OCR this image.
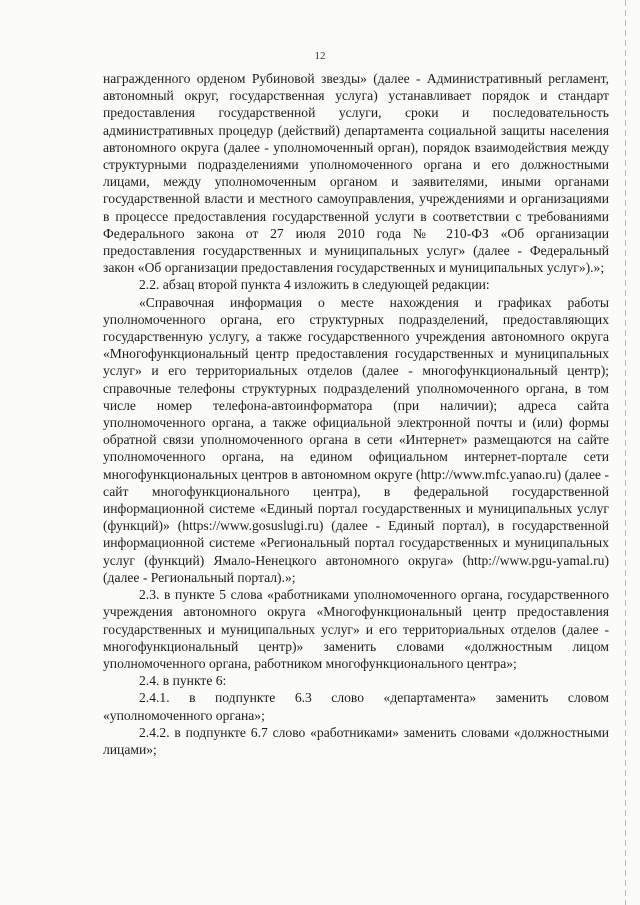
12

награжденного орденом Рубиновой звезды» (далее - Административный регламент, автономный округ, государственная услуга) устанавливает порядок и стандарт предоставления государственной услуги, сроки и последовательность административных процедур (действий) департамента социальной защиты населения автономного округа (далее - уполномоченный орган), порядок взаимодействия между структурными подразделениями уполномоченного органа и его должностными лицами, между уполномоченным органом и заявителями, иными органами государственной власти и местного самоуправления, учреждениями и организациями в процессе предоставления государственной услуги в соответствии с требованиями Федерального закона от 27 июля 2010 года № 210-ФЗ «Об организации предоставления государственных и муниципальных услуг» (далее - Федеральный закон «Об организации предоставления государственных и муниципальных услуг»).»;

2.2. абзац второй пункта 4 изложить в следующей редакции:

«Справочная информация о месте нахождения и графиках работы уполномоченного органа, его структурных подразделений, предоставляющих государственную услугу, а также государственного учреждения автономного округа «Многофункциональный центр предоставления государственных и муниципальных услуг» и его территориальных отделов (далее - многофункциональный центр); справочные телефоны структурных подразделений уполномоченного органа, в том числе номер телефона-автоинформатора (при наличии); адреса сайта уполномоченного органа, а также официальной электронной почты и (или) формы обратной связи уполномоченного органа в сети «Интернет» размещаются на сайте уполномоченного органа, на едином официальном интернет-портале сети многофункциональных центров в автономном округе (http://www.mfc.yanao.ru) (далее - сайт многофункционального центра), в федеральной государственной информационной системе «Единый портал государственных и муниципальных услуг (функций)» (https://www.gosuslugi.ru) (далее - Единый портал), в государственной информационной системе «Региональный портал государственных и муниципальных услуг (функций) Ямало-Ненецкого автономного округа» (http://www.pgu-yamal.ru) (далее - Региональный портал).»;

2.3. в пункте 5 слова «работниками уполномоченного органа, государственного учреждения автономного округа «Многофункциональный центр предоставления государственных и муниципальных услуг» и его территориальных отделов (далее - многофункциональный центр)» заменить словами «должностным лицом уполномоченного органа, работником многофункционального центра»;

2.4. в пункте 6:

2.4.1. в подпункте 6.3 слово «департамента» заменить словом «уполномоченного органа»;

2.4.2. в подпункте 6.7 слово «работниками» заменить словами «должностными лицами»;
